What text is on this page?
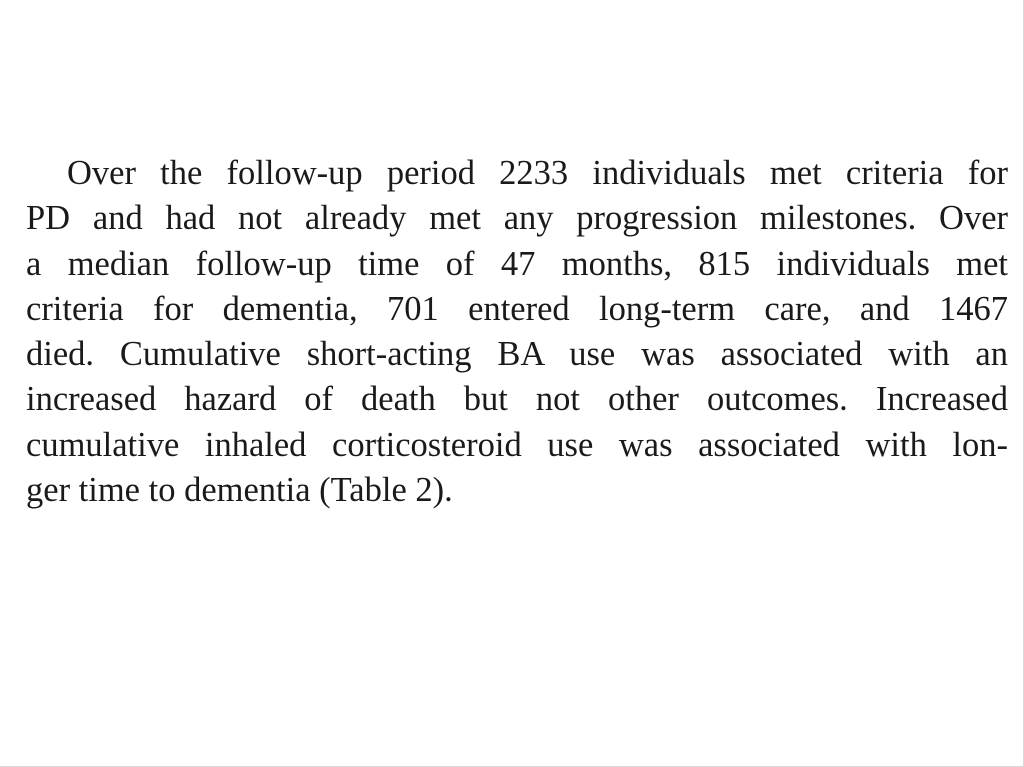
Over the follow-up period 2233 individuals met criteria for
PD and had not already met any progression milestones. Over
a median follow-up time of 47 months, 815 individuals met
criteria for dementia, 701 entered long-term care, and 1467
died. Cumulative short-acting BA use was associated with an
increased hazard of death but not other outcomes. Increased
cumulative inhaled corticosteroid use was associated with lon-
ger time to dementia (Table 2).
